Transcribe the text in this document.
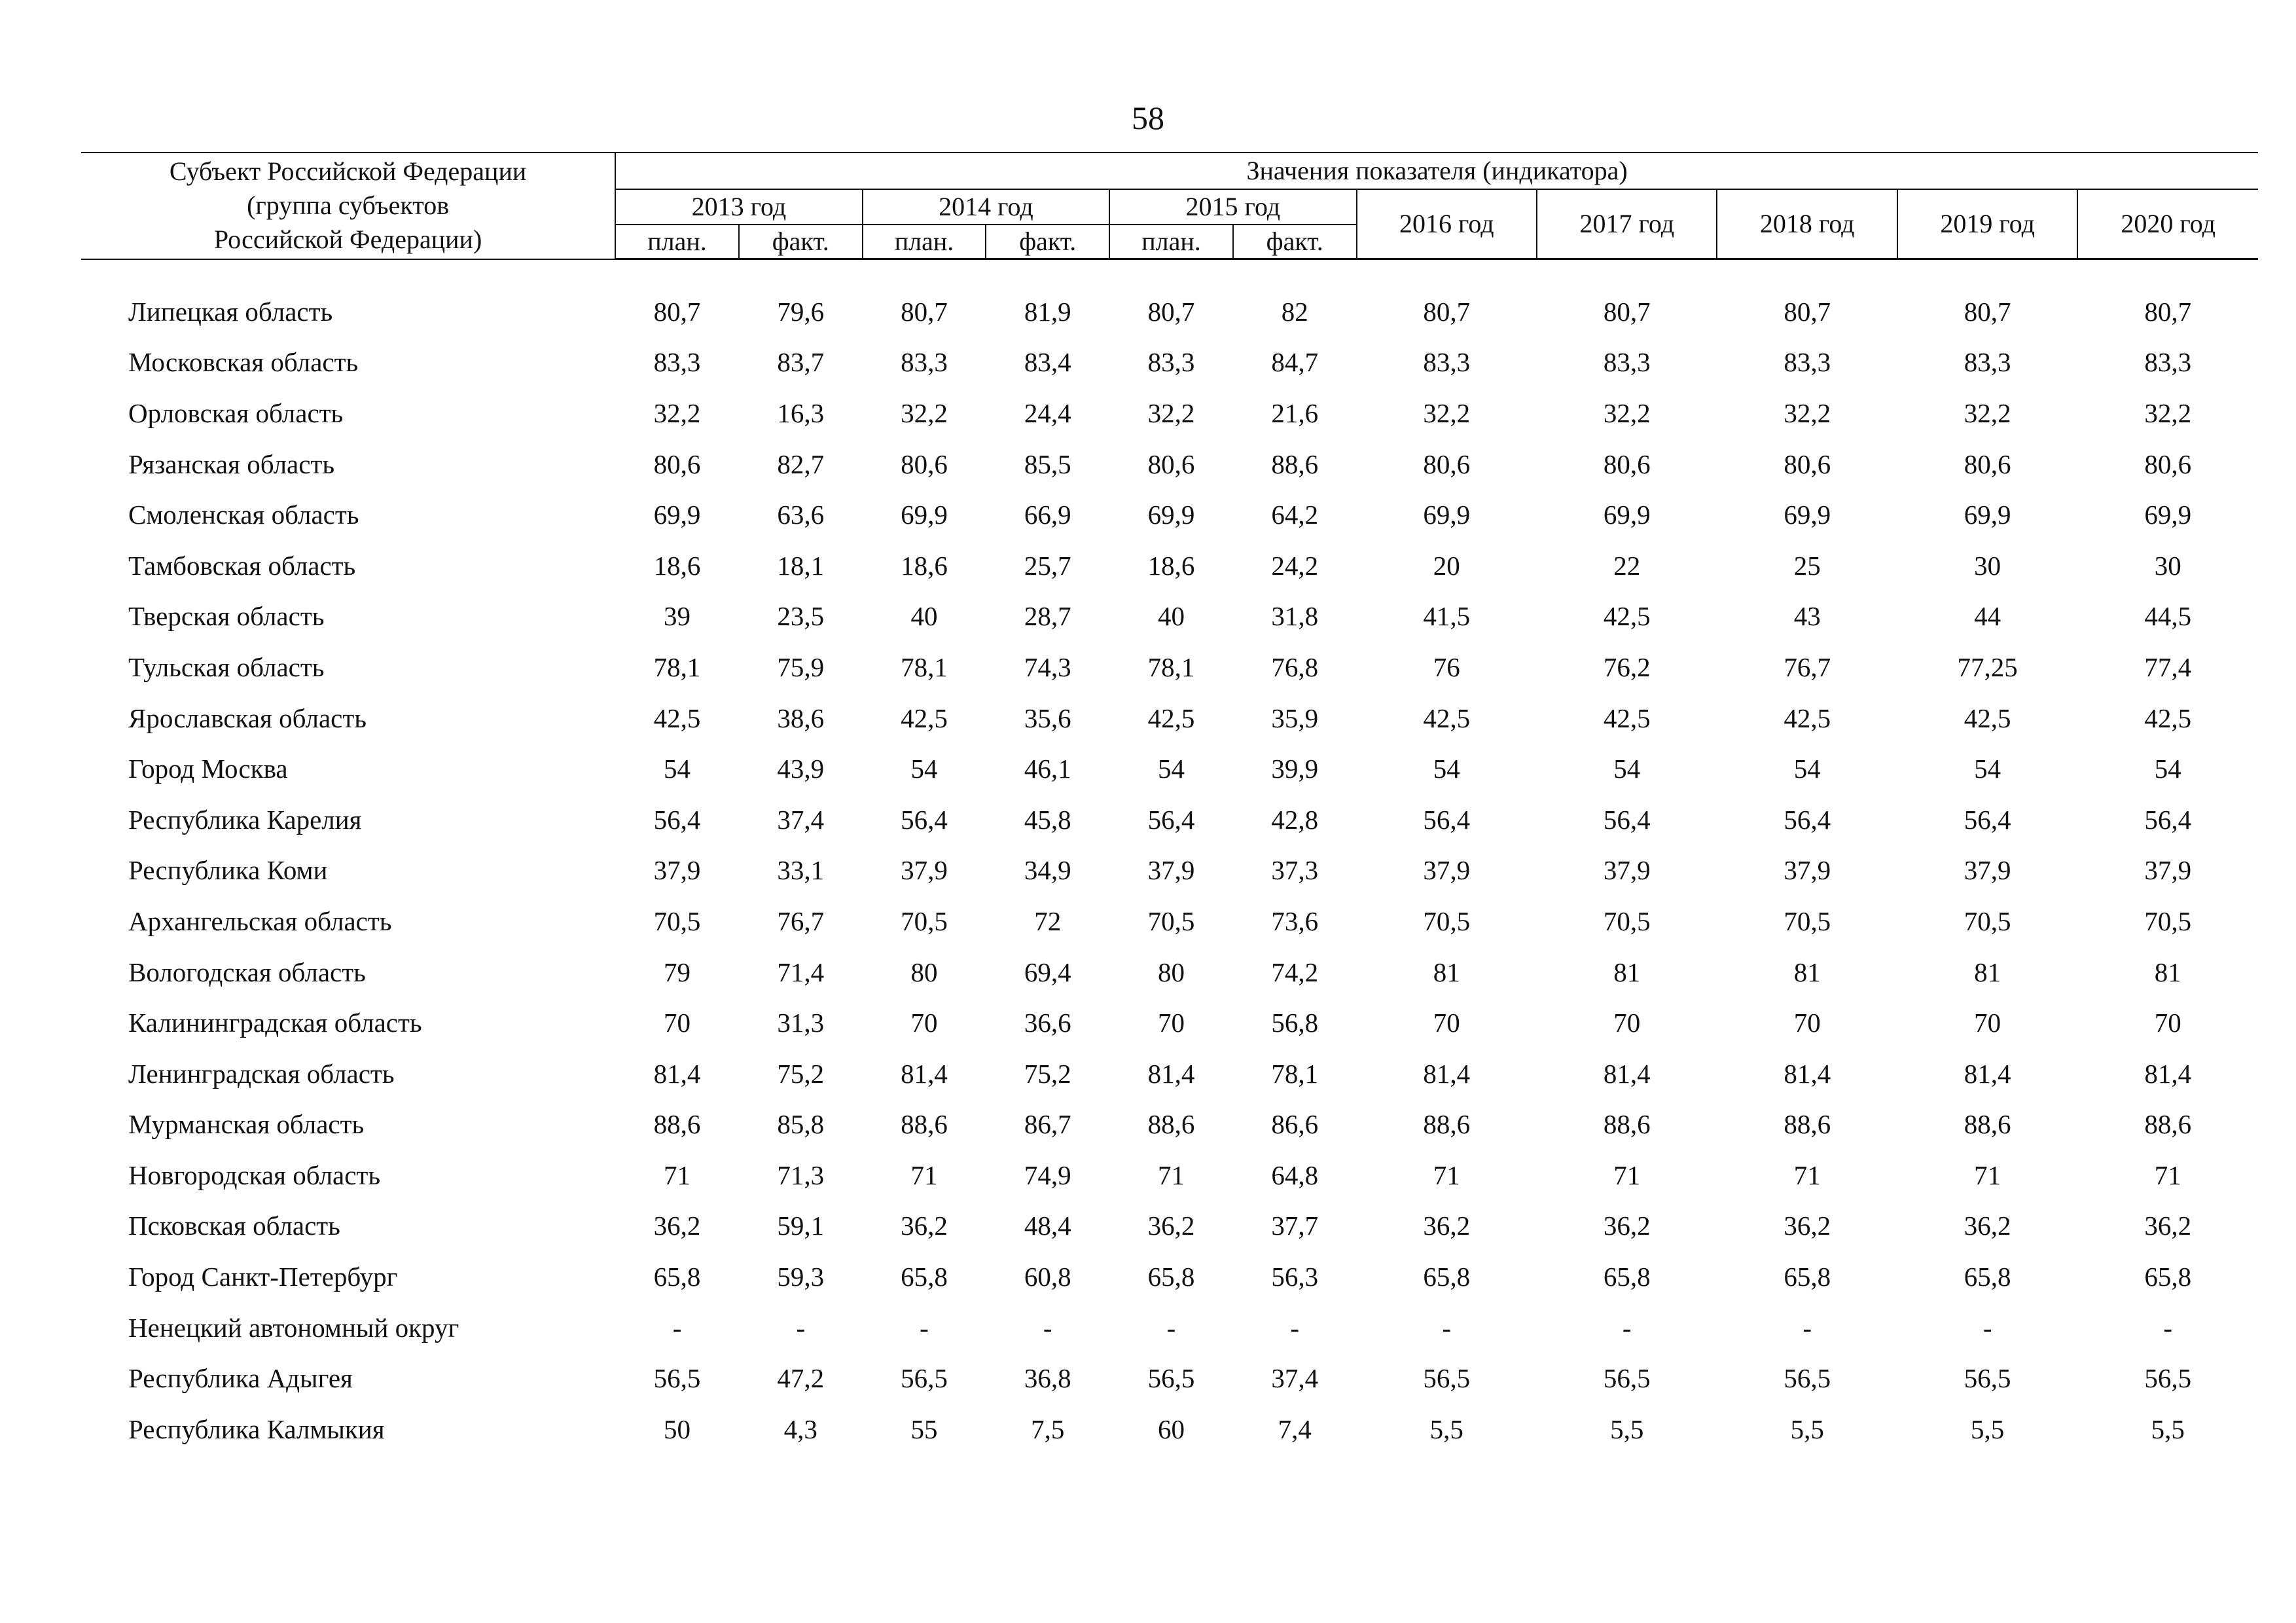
58
Субъект Российской Федерации
(группа субъектов
Российской Федерации)	Значения показателя (индикатора)										
	2013 год		2014 год		2015 год		2016 год	2017 год	2018 год	2019 год	2020 год
	план.	факт.	план.	факт.	план.	факт.					

Липецкая область	80,7	79,6	80,7	81,9	80,7	82	80,7	80,7	80,7	80,7	80,7
Московская область	83,3	83,7	83,3	83,4	83,3	84,7	83,3	83,3	83,3	83,3	83,3
Орловская область	32,2	16,3	32,2	24,4	32,2	21,6	32,2	32,2	32,2	32,2	32,2
Рязанская область	80,6	82,7	80,6	85,5	80,6	88,6	80,6	80,6	80,6	80,6	80,6
Смоленская область	69,9	63,6	69,9	66,9	69,9	64,2	69,9	69,9	69,9	69,9	69,9
Тамбовская область	18,6	18,1	18,6	25,7	18,6	24,2	20	22	25	30	30
Тверская область	39	23,5	40	28,7	40	31,8	41,5	42,5	43	44	44,5
Тульская область	78,1	75,9	78,1	74,3	78,1	76,8	76	76,2	76,7	77,25	77,4
Ярославская область	42,5	38,6	42,5	35,6	42,5	35,9	42,5	42,5	42,5	42,5	42,5
Город Москва	54	43,9	54	46,1	54	39,9	54	54	54	54	54
Республика Карелия	56,4	37,4	56,4	45,8	56,4	42,8	56,4	56,4	56,4	56,4	56,4
Республика Коми	37,9	33,1	37,9	34,9	37,9	37,3	37,9	37,9	37,9	37,9	37,9
Архангельская область	70,5	76,7	70,5	72	70,5	73,6	70,5	70,5	70,5	70,5	70,5
Вологодская область	79	71,4	80	69,4	80	74,2	81	81	81	81	81
Калининградская область	70	31,3	70	36,6	70	56,8	70	70	70	70	70
Ленинградская область	81,4	75,2	81,4	75,2	81,4	78,1	81,4	81,4	81,4	81,4	81,4
Мурманская область	88,6	85,8	88,6	86,7	88,6	86,6	88,6	88,6	88,6	88,6	88,6
Новгородская область	71	71,3	71	74,9	71	64,8	71	71	71	71	71
Псковская область	36,2	59,1	36,2	48,4	36,2	37,7	36,2	36,2	36,2	36,2	36,2
Город Санкт-Петербург	65,8	59,3	65,8	60,8	65,8	56,3	65,8	65,8	65,8	65,8	65,8
Ненецкий автономный округ	-	-	-	-	-	-	-	-	-	-	-
Республика Адыгея	56,5	47,2	56,5	36,8	56,5	37,4	56,5	56,5	56,5	56,5	56,5
Республика Калмыкия	50	4,3	55	7,5	60	7,4	5,5	5,5	5,5	5,5	5,5
